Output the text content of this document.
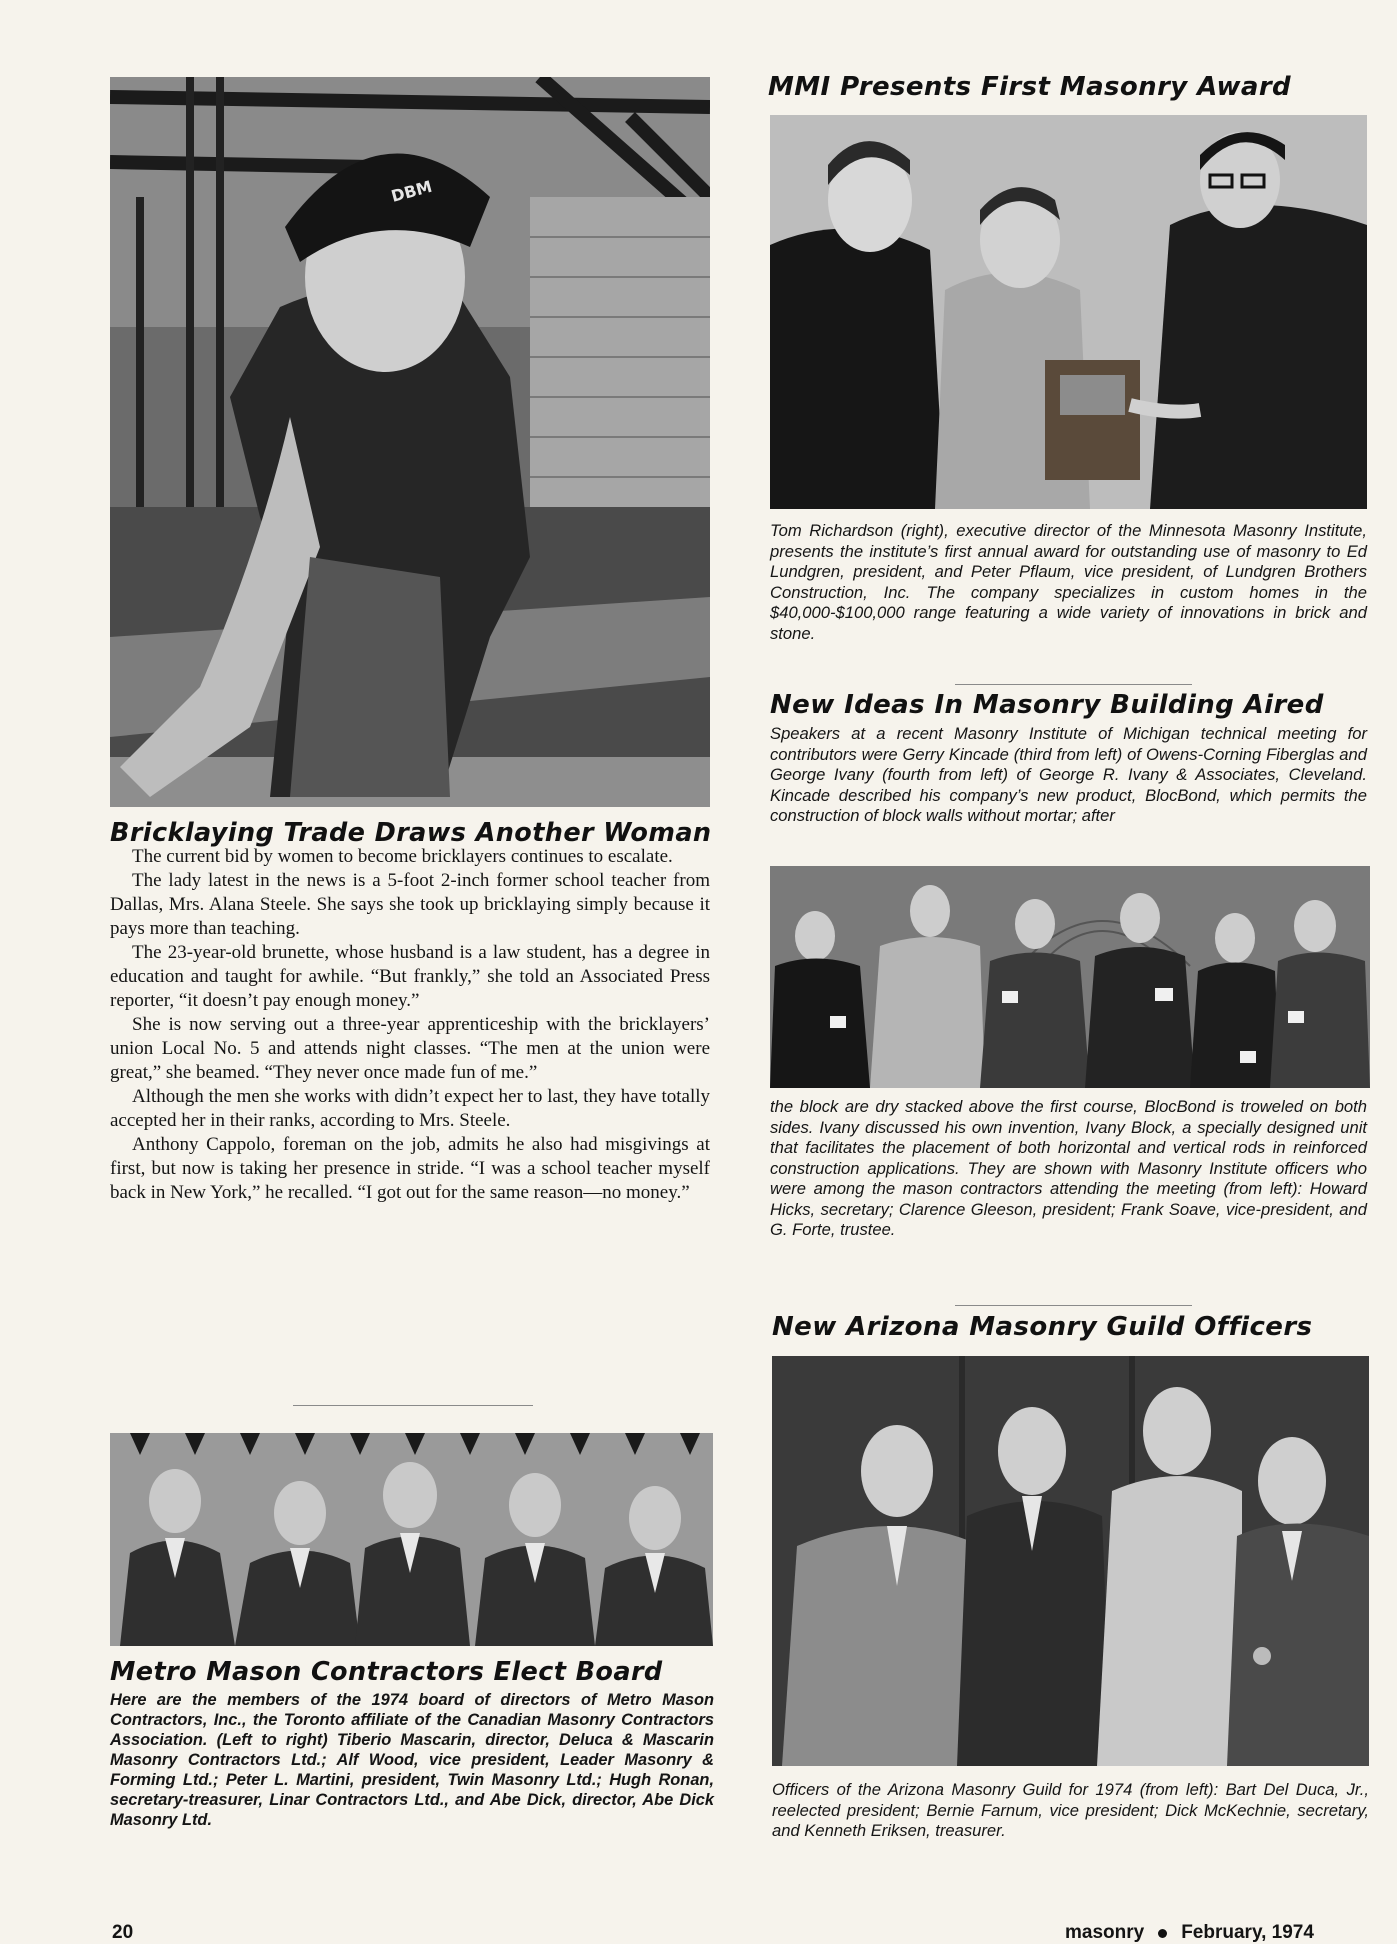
DBM
Bricklaying Trade Draws Another Woman

The current bid by women to become bricklayers continues to escalate.

The lady latest in the news is a 5-foot 2-inch former school teacher from Dallas, Mrs. Alana Steele. She says she took up bricklaying simply because it pays more than teaching.

The 23-year-old brunette, whose husband is a law student, has a degree in education and taught for awhile. “But frankly,” she told an Associated Press reporter, “it doesn’t pay enough money.”

She is now serving out a three-year apprenticeship with the bricklayers’ union Local No. 5 and attends night classes. “The men at the union were great,” she beamed. “They never once made fun of me.”

Although the men she works with didn’t expect her to last, they have totally accepted her in their ranks, according to Mrs. Steele.

Anthony Cappolo, foreman on the job, admits he also had misgivings at first, but now is taking her presence in stride. “I was a school teacher myself back in New York,” he recalled. “I got out for the same reason—no money.”

Metro Mason Contractors Elect Board

Here are the members of the 1974 board of directors of Metro Mason Contractors, Inc., the Toronto affiliate of the Canadian Masonry Contractors Association. (Left to right) Tiberio Mascarin, director, Deluca & Mascarin Masonry Contractors Ltd.; Alf Wood, vice president, Leader Masonry & Forming Ltd.; Peter L. Martini, president, Twin Masonry Ltd.; Hugh Ronan, secretary-treasurer, Linar Contractors Ltd., and Abe Dick, director, Abe Dick Masonry Ltd.

MMI Presents First Masonry Award

Tom Richardson (right), executive director of the Minnesota Masonry Institute, presents the institute’s first annual award for outstanding use of masonry to Ed Lundgren, president, and Peter Pflaum, vice president, of Lundgren Brothers Construction, Inc. The company specializes in custom homes in the $40,000-$100,000 range featuring a wide variety of innovations in brick and stone.

New Ideas In Masonry Building Aired

Speakers at a recent Masonry Institute of Michigan technical meeting for contributors were Gerry Kincade (third from left) of Owens-Corning Fiberglas and George Ivany (fourth from left) of George R. Ivany & Associates, Cleveland. Kincade described his company’s new product, BlocBond, which permits the construction of block walls without mortar; after

the block are dry stacked above the first course, BlocBond is troweled on both sides. Ivany discussed his own invention, Ivany Block, a specially designed unit that facilitates the placement of both horizontal and vertical rods in reinforced construction applications. They are shown with Masonry Institute officers who were among the mason contractors attending the meeting (from left): Howard Hicks, secretary; Clarence Gleeson, president; Frank Soave, vice-president, and G. Forte, trustee.

New Arizona Masonry Guild Officers

Officers of the Arizona Masonry Guild for 1974 (from left): Bart Del Duca, Jr., reelected president; Bernie Farnum, vice president; Dick McKechnie, secretary, and Kenneth Eriksen, treasurer.

20	masonry February, 1974
